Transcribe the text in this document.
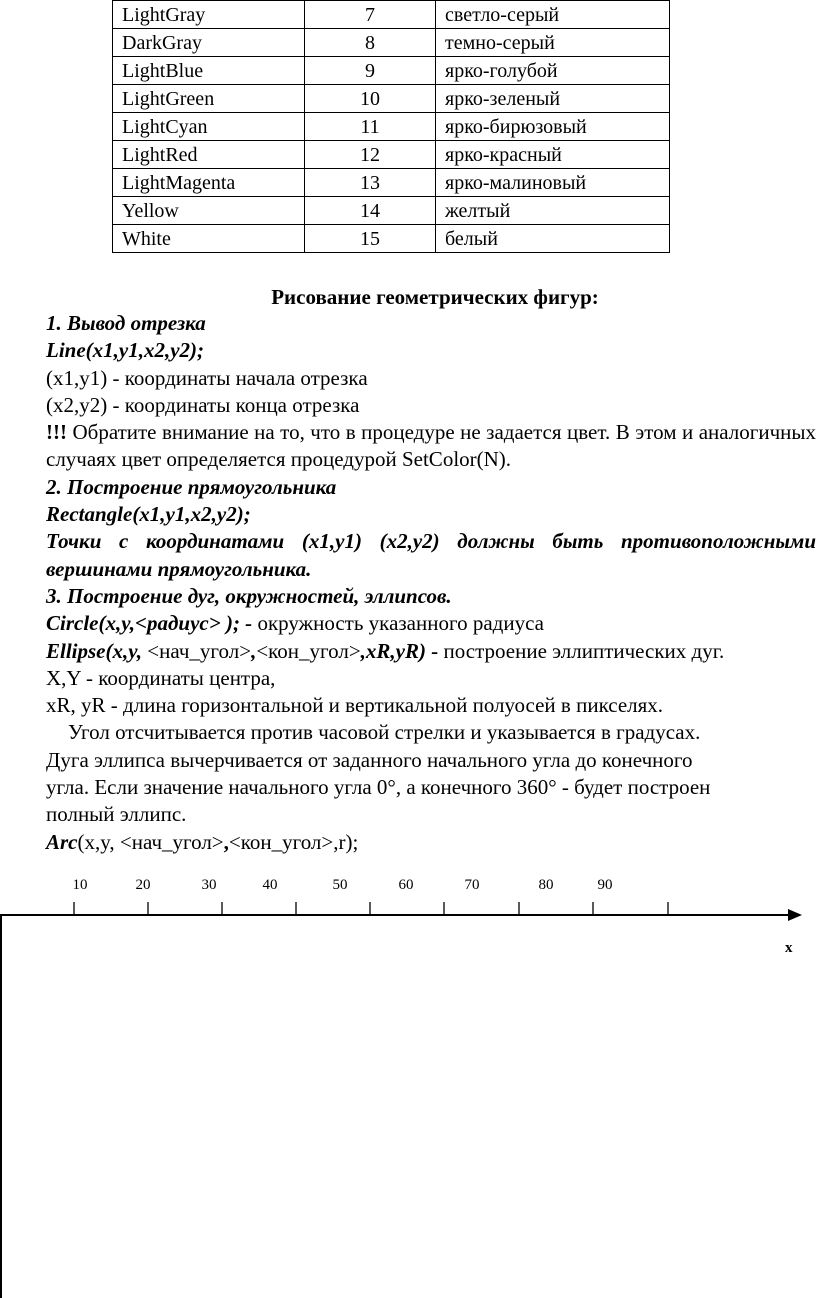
LightGray	7	светло-серый
DarkGray	8	темно-серый
LightBlue	9	ярко-голубой
LightGreen	10	ярко-зеленый
LightCyan	11	ярко-бирюзовый
LightRed	12	ярко-красный
LightMagenta	13	ярко-малиновый
Yellow	14	желтый
White	15	белый
Рисование геометрических фигур:

1. Вывод отрезка

Line(x1,y1,x2,y2);

(x1,y1) - координаты начала отрезка

(x2,y2) - координаты конца отрезка

!!! Обратите внимание на то, что в процедуре не задается цвет. В этом и аналогичных случаях цвет определяется процедурой SetColor(N).

2. Построение прямоугольника

Rectangle(x1,y1,x2,y2);

Точки с координатами (x1,y1) (x2,y2) должны быть противоположными вершинами прямоугольника.

3. Построение дуг, окружностей, эллипсов.

Circle(x,y,<радиус> ); - окружность указанного радиуса

Ellipse(x,y, <нач_угол>,<кон_угол>,xR,yR) - построение эллиптических дуг.

X,Y - координаты центра,

xR, yR - длина горизонтальной и вертикальной полуосей в пикселях.

Угол отсчитывается против часовой стрелки и указывается в градусах.

Дуга эллипса вычерчивается от заданного начального угла до конечного

угла. Если значение начального угла 0°, а конечного 360° - будет построен

полный эллипс.

Arc(x,y, <нач_угол>,<кон_угол>,r);

10	20	30	40	50	60	70	80	90
x
